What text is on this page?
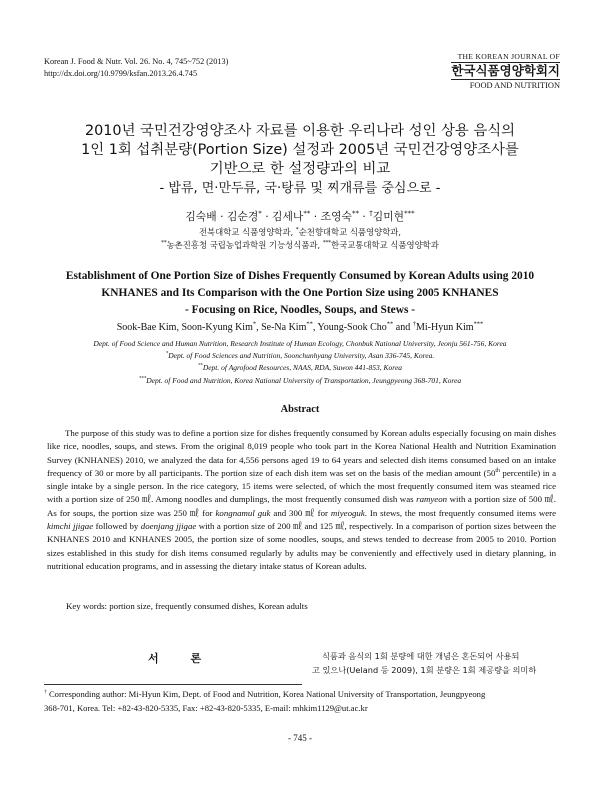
Korean J. Food & Nutr. Vol. 26. No. 4, 745~752 (2013)
http://dx.doi.org/10.9799/ksfan.2013.26.4.745
THE KOREAN JOURNAL OF
한국식품영양학회지
FOOD AND NUTRITION
2010년 국민건강영양조사 자료를 이용한 우리나라 성인 상용 음식의
1인 1회 섭취분량(Portion Size) 설정과 2005년 국민건강영양조사를
기반으로 한 설정량과의 비교
- 밥류, 면·만두류, 국·탕류 및 찌개류를 중심으로 -
김숙배 · 김순경* · 김세나** · 조영숙** · †김미현***
전북대학교 식품영양학과, *순천향대학교 식품영양학과,
**농촌진흥청 국립농업과학원 기능성식품과, ***한국교통대학교 식품영양학과
Establishment of One Portion Size of Dishes Frequently Consumed by Korean Adults using 2010
KNHANES and Its Comparison with the One Portion Size using 2005 KNHANES
- Focusing on Rice, Noodles, Soups, and Stews -
Sook-Bae Kim, Soon-Kyung Kim*, Se-Na Kim**, Young-Sook Cho** and †Mi-Hyun Kim***
Dept. of Food Science and Human Nutrition, Research Institute of Human Ecology, Chonbuk National University, Jeonju 561-756, Korea
*Dept. of Food Sciences and Nutrition, Soonchunhyang University, Asan 336-745, Korea.
**Dept. of Agrofood Resources, NAAS, RDA, Suwon 441-853, Korea
***Dept. of Food and Nutrition, Korea National University of Transportation, Jeungpyeong 368-701, Korea
Abstract

The purpose of this study was to define a portion size for dishes frequently consumed by Korean adults especially focusing on main dishes like rice, noodles, soups, and stews. From the original 8,019 people who took part in the Korea National Health and Nutrition Examination Survey (KNHANES) 2010, we analyzed the data for 4,556 persons aged 19 to 64 years and selected dish items consumed based on an intake frequency of 30 or more by all participants. The portion size of each dish item was set on the basis of the median amount (50th percentile) in a single intake by a single person. In the rice category, 15 items were selected, of which the most frequently consumed item was steamed rice with a portion size of 250 ㎖. Among noodles and dumplings, the most frequently consumed dish was ramyeon with a portion size of 500 ㎖. As for soups, the portion size was 250 ㎖ for kongnamul guk and 300 ㎖ for miyeoguk. In stews, the most frequently consumed items were kimchi jjigae followed by doenjang jjigae with a portion size of 200 ㎖ and 125 ㎖, respectively. In a comparison of portion sizes between the KNHANES 2010 and KNHANES 2005, the portion size of some noodles, soups, and stews tended to decrease from 2005 to 2010. Portion sizes established in this study for dish items consumed regularly by adults may be conveniently and effectively used in dietary planning, in nutritional education programs, and in assessing the dietary intake status of Korean adults.

Key words: portion size, frequently consumed dishes, Korean adults
서 론	식품과 음식의 1회 분량에 대한 개념은 혼돈되어 사용되

고 있으나(Ueland 등 2009), 1회 분량은 1회 제공량을 의미하
† Corresponding author: Mi-Hyun Kim, Dept. of Food and Nutrition, Korea National University of Transportation, Jeungpyeong
368-701, Korea. Tel: +82-43-820-5335, Fax: +82-43-820-5335, E-mail: mhkim1129@ut.ac.kr
- 745 -
